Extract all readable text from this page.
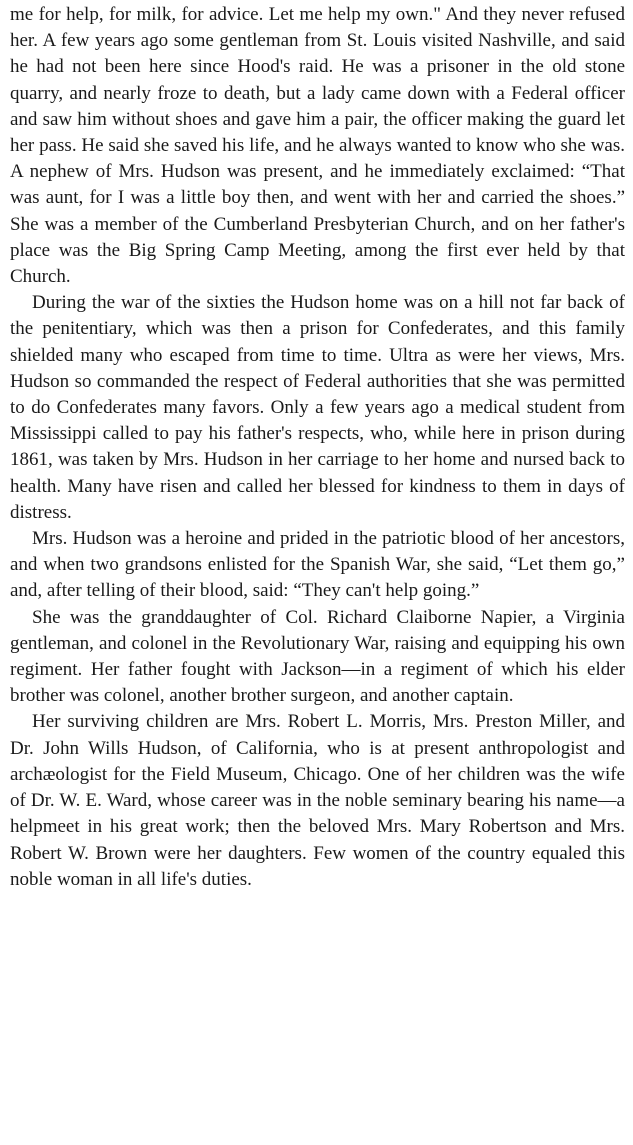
me for help, for milk, for advice. Let me help my own." And they never refused her. A few years ago some gentleman from St. Louis visited Nashville, and said he had not been here since Hood's raid. He was a prisoner in the old stone quarry, and nearly froze to death, but a lady came down with a Federal officer and saw him without shoes and gave him a pair, the officer making the guard let her pass. He said she saved his life, and he always wanted to know who she was. A nephew of Mrs. Hudson was present, and he immediately exclaimed: “That was aunt, for I was a little boy then, and went with her and carried the shoes.” She was a member of the Cumberland Presbyterian Church, and on her father's place was the Big Spring Camp Meeting, among the first ever held by that Church.

During the war of the sixties the Hudson home was on a hill not far back of the penitentiary, which was then a prison for Confederates, and this family shielded many who escaped from time to time. Ultra as were her views, Mrs. Hudson so commanded the respect of Federal authorities that she was permitted to do Confederates many favors. Only a few years ago a medical student from Mississippi called to pay his father's respects, who, while here in prison during 1861, was taken by Mrs. Hudson in her carriage to her home and nursed back to health. Many have risen and called her blessed for kindness to them in days of distress.

Mrs. Hudson was a heroine and prided in the patriotic blood of her ancestors, and when two grandsons enlisted for the Spanish War, she said, “Let them go,” and, after telling of their blood, said: “They can't help going.”

She was the granddaughter of Col. Richard Claiborne Napier, a Virginia gentleman, and colonel in the Revolutionary War, raising and equipping his own regiment. Her father fought with Jackson—in a regiment of which his elder brother was colonel, another brother surgeon, and another captain.

Her surviving children are Mrs. Robert L. Morris, Mrs. Preston Miller, and Dr. John Wills Hudson, of California, who is at present anthropologist and archæologist for the Field Museum, Chicago. One of her children was the wife of Dr. W. E. Ward, whose career was in the noble seminary bearing his name—a helpmeet in his great work; then the beloved Mrs. Mary Robertson and Mrs. Robert W. Brown were her daughters. Few women of the country equaled this noble woman in all life's duties.
